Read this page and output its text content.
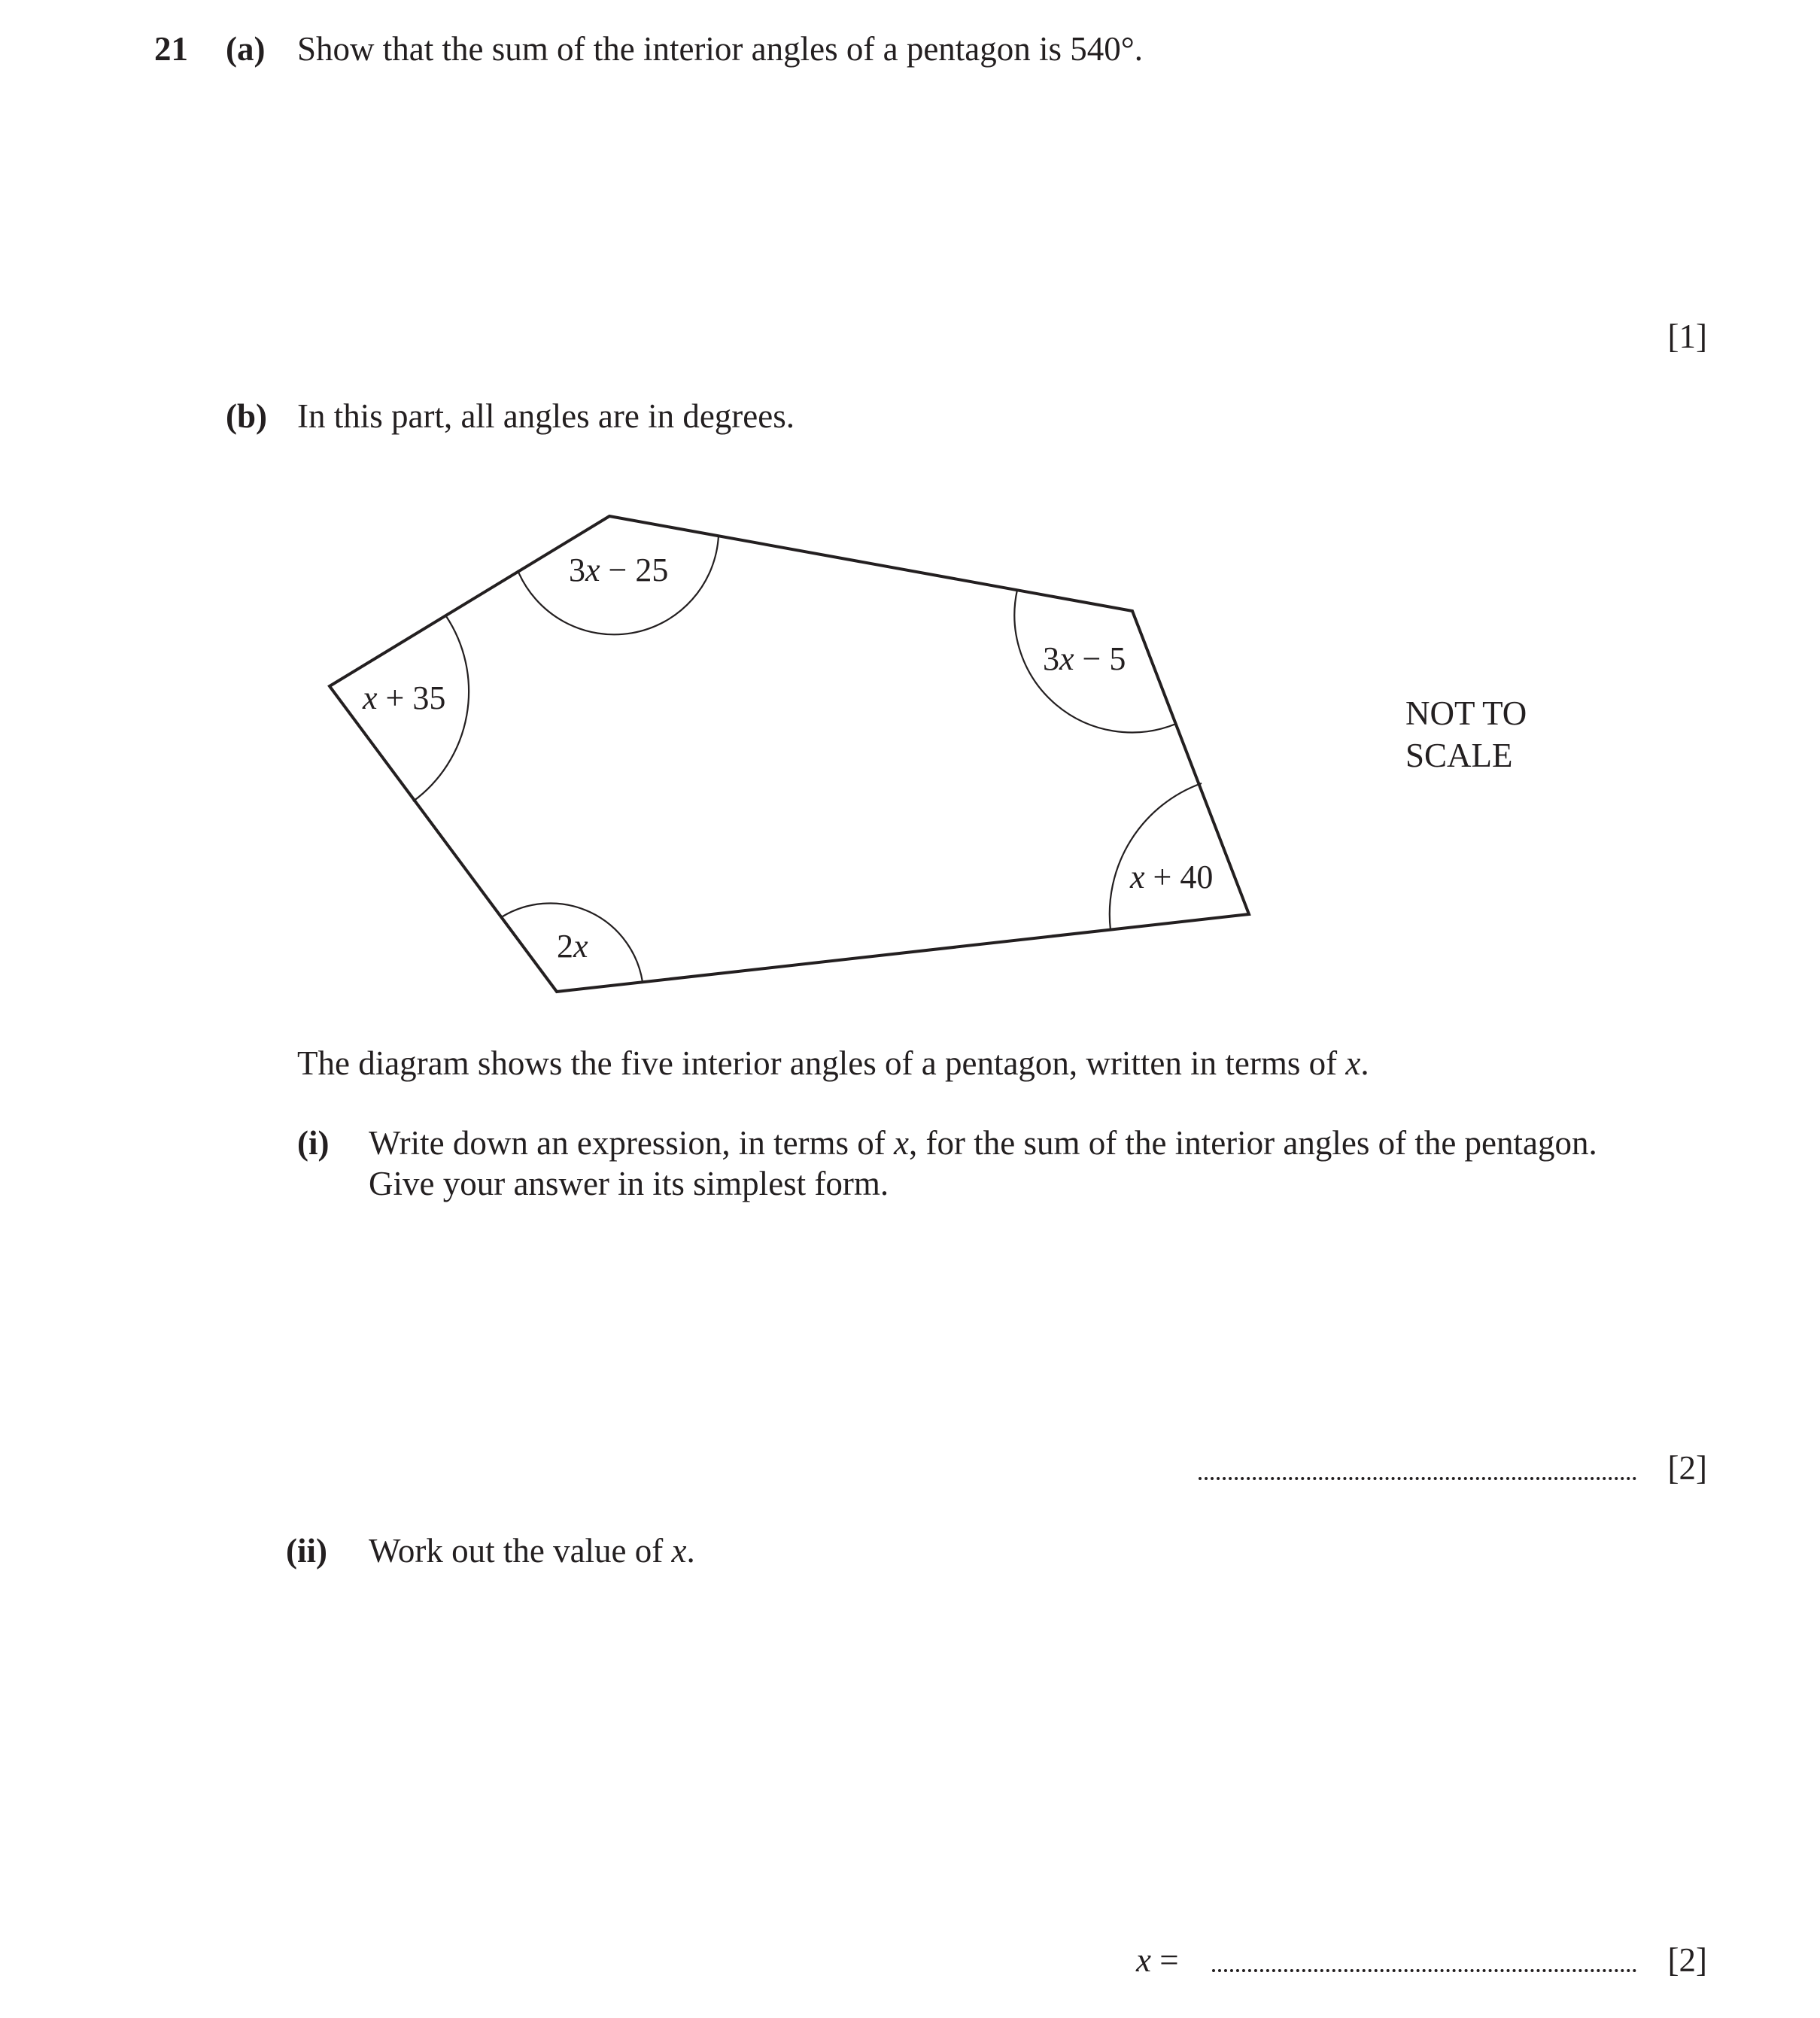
21 (a) Show that the sum of the interior angles of a pentagon is 540°.
[1]
(b) In this part, all angles are in degrees.
3x − 25
3x − 5
x + 35
x + 40
2x
NOT TO
SCALE
The diagram shows the five interior angles of a pentagon, written in terms of x.
(i) Write down an expression, in terms of x, for the sum of the interior angles of the pentagon.
Give your answer in its simplest form.
[2]
(ii) Work out the value of x.
x =	[2]
